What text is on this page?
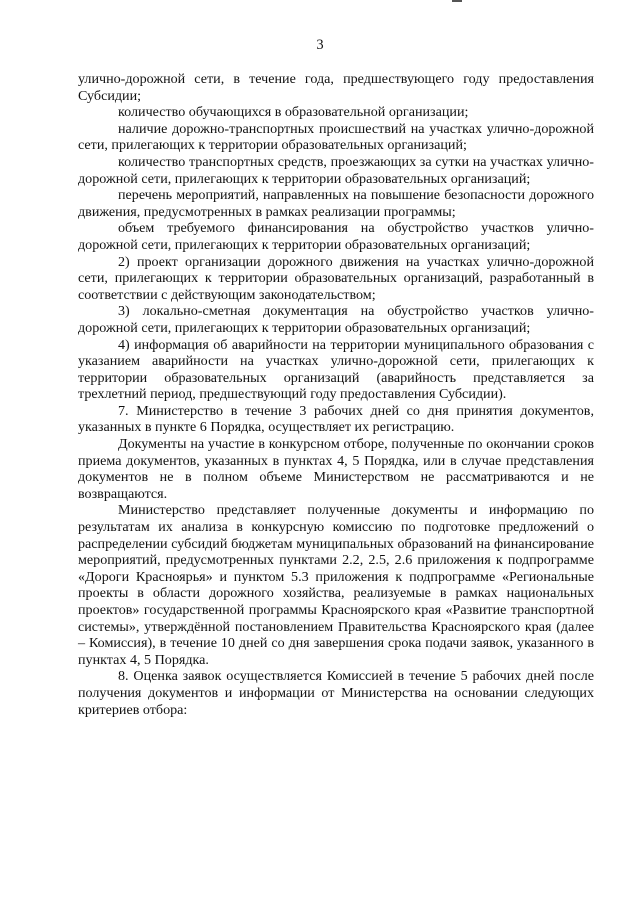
3

улично-дорожной сети, в течение года, предшествующего году предоставления Субсидии;

количество обучающихся в образовательной организации;

наличие дорожно-транспортных происшествий на участках улично-дорожной сети, прилегающих к территории образовательных организаций;

количество транспортных средств, проезжающих за сутки на участках улично-дорожной сети, прилегающих к территории образовательных организаций;

перечень мероприятий, направленных на повышение безопасности дорожного движения, предусмотренных в рамках реализации программы;

объем требуемого финансирования на обустройство участков улично-дорожной сети, прилегающих к территории образовательных организаций;

2) проект организации дорожного движения на участках улично-дорожной сети, прилегающих к территории образовательных организаций, разработанный в соответствии с действующим законодательством;

3) локально-сметная документация на обустройство участков улично-дорожной сети, прилегающих к территории образовательных организаций;

4) информация об аварийности на территории муниципального образования с указанием аварийности на участках улично-дорожной сети, прилегающих к территории образовательных организаций (аварийность представляется за трехлетний период, предшествующий году предоставления Субсидии).

7. Министерство в течение 3 рабочих дней со дня принятия документов, указанных в пункте 6 Порядка, осуществляет их регистрацию.

Документы на участие в конкурсном отборе, полученные по окончании сроков приема документов, указанных в пунктах 4, 5 Порядка, или в случае представления документов не в полном объеме Министерством не рассматриваются и не возвращаются.

Министерство представляет полученные документы и информацию по результатам их анализа в конкурсную комиссию по подготовке предложений о распределении субсидий бюджетам муниципальных образований на финансирование мероприятий, предусмотренных пунктами 2.2, 2.5, 2.6 приложения к подпрограмме «Дороги Красноярья» и пунктом 5.3 приложения к подпрограмме «Региональные проекты в области дорожного хозяйства, реализуемые в рамках национальных проектов» государственной программы Красноярского края «Развитие транспортной системы», утверждённой постановлением Правительства Красноярского края (далее – Комиссия), в течение 10 дней со дня завершения срока подачи заявок, указанного в пунктах 4, 5 Порядка.

8. Оценка заявок осуществляется Комиссией в течение 5 рабочих дней после получения документов и информации от Министерства на основании следующих критериев отбора:
